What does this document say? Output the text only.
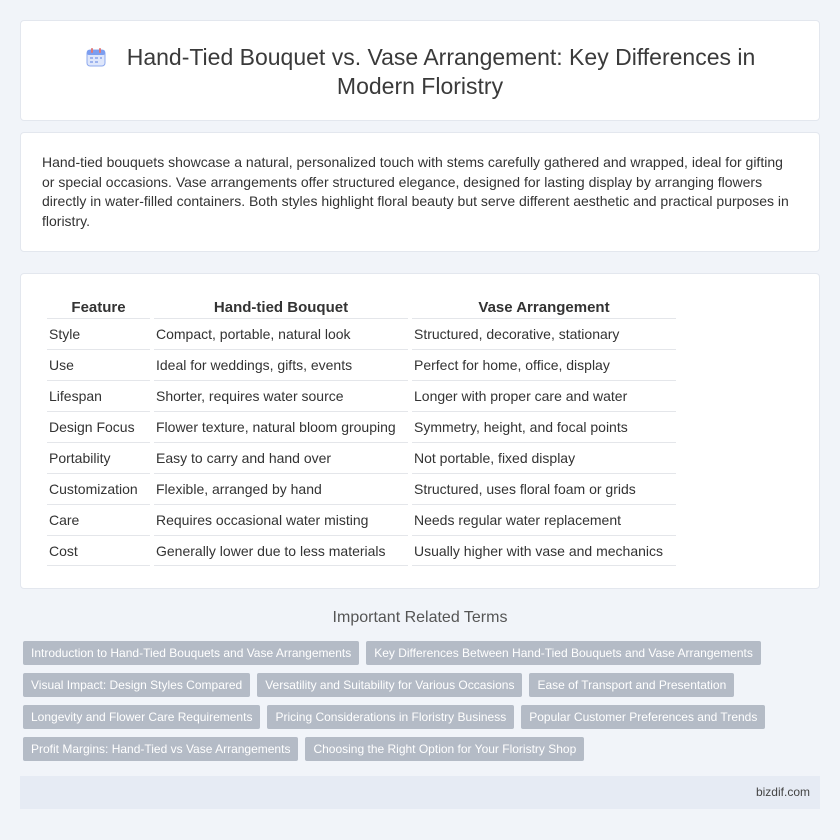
Hand-Tied Bouquet vs. Vase Arrangement: Key Differences in
Modern Floristry

Hand-tied bouquets showcase a natural, personalized touch with stems carefully gathered and wrapped, ideal for gifting or special occasions. Vase arrangements offer structured elegance, designed for lasting display by arranging flowers directly in water-filled containers. Both styles highlight floral beauty but serve different aesthetic and practical purposes in floristry.

Feature	Hand-tied Bouquet	Vase Arrangement
Style	Compact, portable, natural look	Structured, decorative, stationary
Use	Ideal for weddings, gifts, events	Perfect for home, office, display
Lifespan	Shorter, requires water source	Longer with proper care and water
Design Focus	Flower texture, natural bloom grouping	Symmetry, height, and focal points
Portability	Easy to carry and hand over	Not portable, fixed display
Customization	Flexible, arranged by hand	Structured, uses floral foam or grids
Care	Requires occasional water misting	Needs regular water replacement
Cost	Generally lower due to less materials	Usually higher with vase and mechanics
Important Related Terms
Introduction to Hand-Tied Bouquets and Vase Arrangements Key Differences Between Hand-Tied Bouquets and Vase Arrangements
Visual Impact: Design Styles Compared Versatility and Suitability for Various Occasions Ease of Transport and Presentation
Longevity and Flower Care Requirements Pricing Considerations in Floristry Business Popular Customer Preferences and Trends
Profit Margins: Hand-Tied vs Vase Arrangements Choosing the Right Option for Your Floristry Shop
bizdif.com
